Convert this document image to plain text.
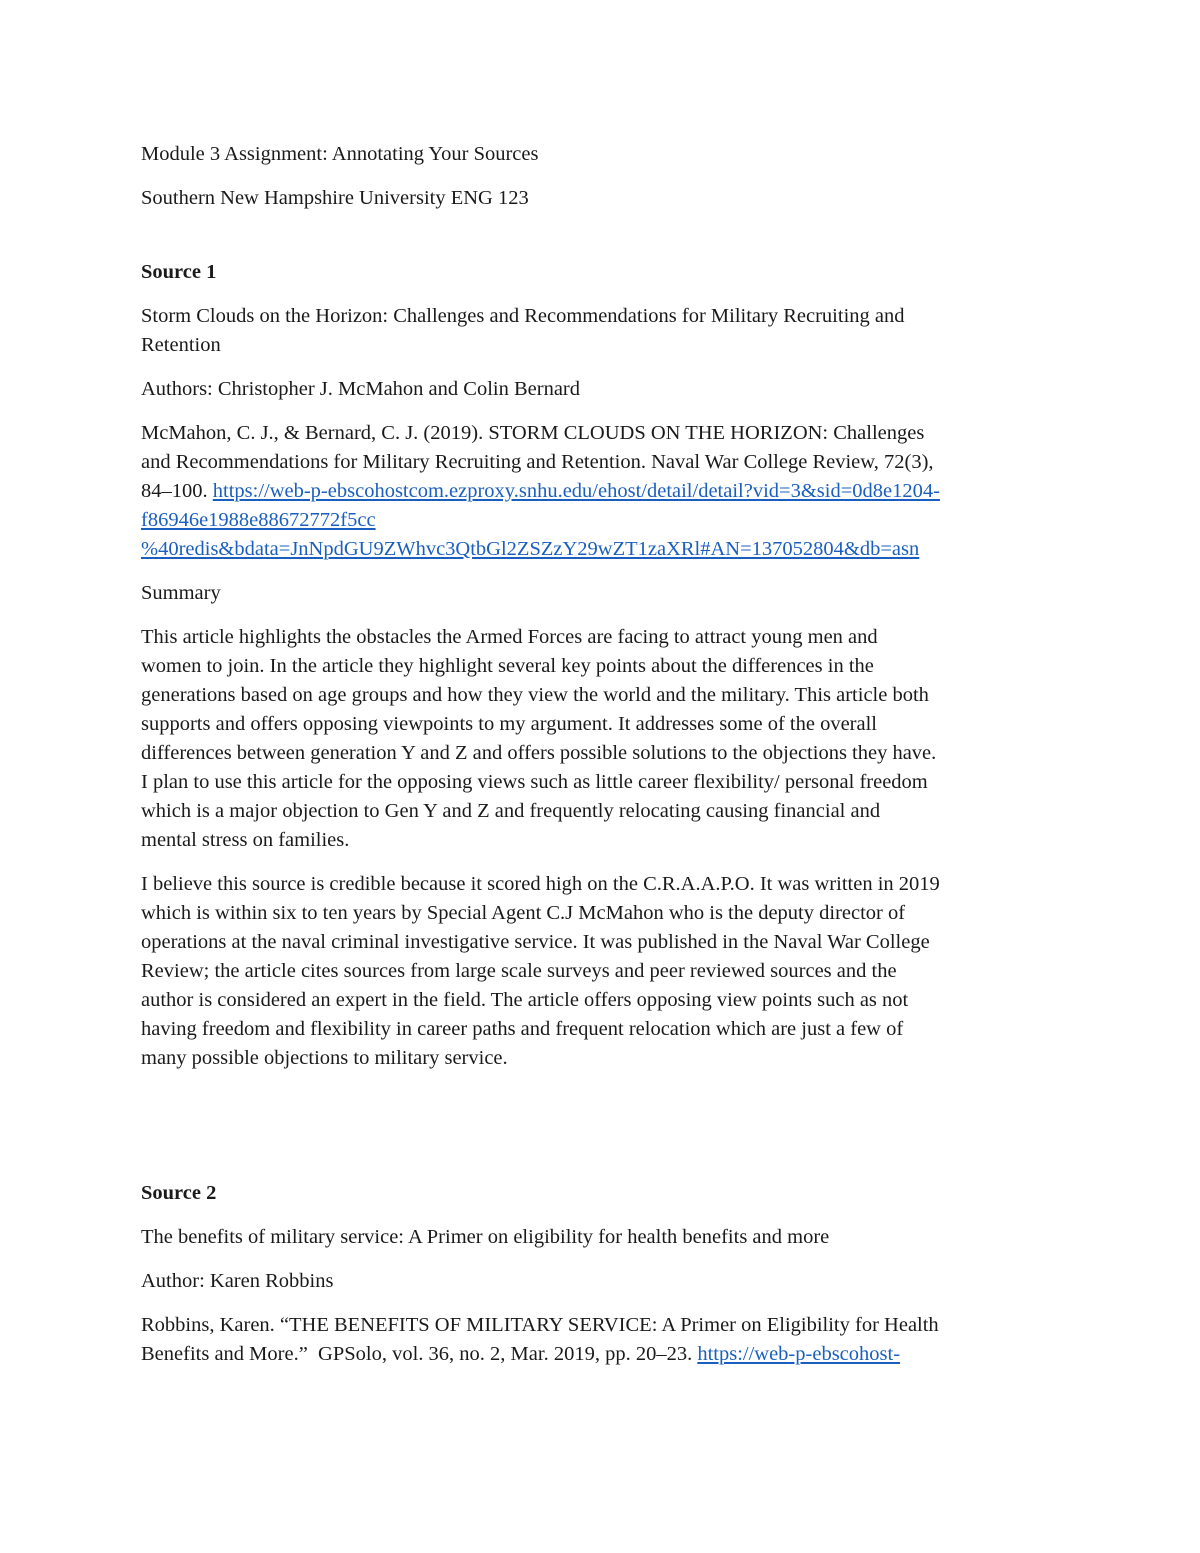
Module 3 Assignment: Annotating Your Sources

Southern New Hampshire University ENG 123

Source 1

Storm Clouds on the Horizon: Challenges and Recommendations for Military Recruiting and

Retention

Authors: Christopher J. McMahon and Colin Bernard

McMahon, C. J., & Bernard, C. J. (2019). STORM CLOUDS ON THE HORIZON: Challenges

and Recommendations for Military Recruiting and Retention. Naval War College Review, 72(3),

84–100. https://web-p-ebscohostcom.ezproxy.snhu.edu/ehost/detail/detail?vid=3&sid=0d8e1204-

f86946e1988e88672772f5cc

%40redis&bdata=JnNpdGU9ZWhvc3QtbGl2ZSZzY29wZT1zaXRl#AN=137052804&db=asn

Summary

This article highlights the obstacles the Armed Forces are facing to attract young men and

women to join. In the article they highlight several key points about the differences in the

generations based on age groups and how they view the world and the military. This article both

supports and offers opposing viewpoints to my argument. It addresses some of the overall

differences between generation Y and Z and offers possible solutions to the objections they have.

I plan to use this article for the opposing views such as little career flexibility/ personal freedom

which is a major objection to Gen Y and Z and frequently relocating causing financial and

mental stress on families.

I believe this source is credible because it scored high on the C.R.A.A.P.O. It was written in 2019

which is within six to ten years by Special Agent C.J McMahon who is the deputy director of

operations at the naval criminal investigative service. It was published in the Naval War College

Review; the article cites sources from large scale surveys and peer reviewed sources and the

author is considered an expert in the field. The article offers opposing view points such as not

having freedom and flexibility in career paths and frequent relocation which are just a few of

many possible objections to military service.

Source 2

The benefits of military service: A Primer on eligibility for health benefits and more

Author: Karen Robbins

Robbins, Karen. “THE BENEFITS OF MILITARY SERVICE: A Primer on Eligibility for Health

Benefits and More.”  GPSolo, vol. 36, no. 2, Mar. 2019, pp. 20–23. https://web-p-ebscohost-
